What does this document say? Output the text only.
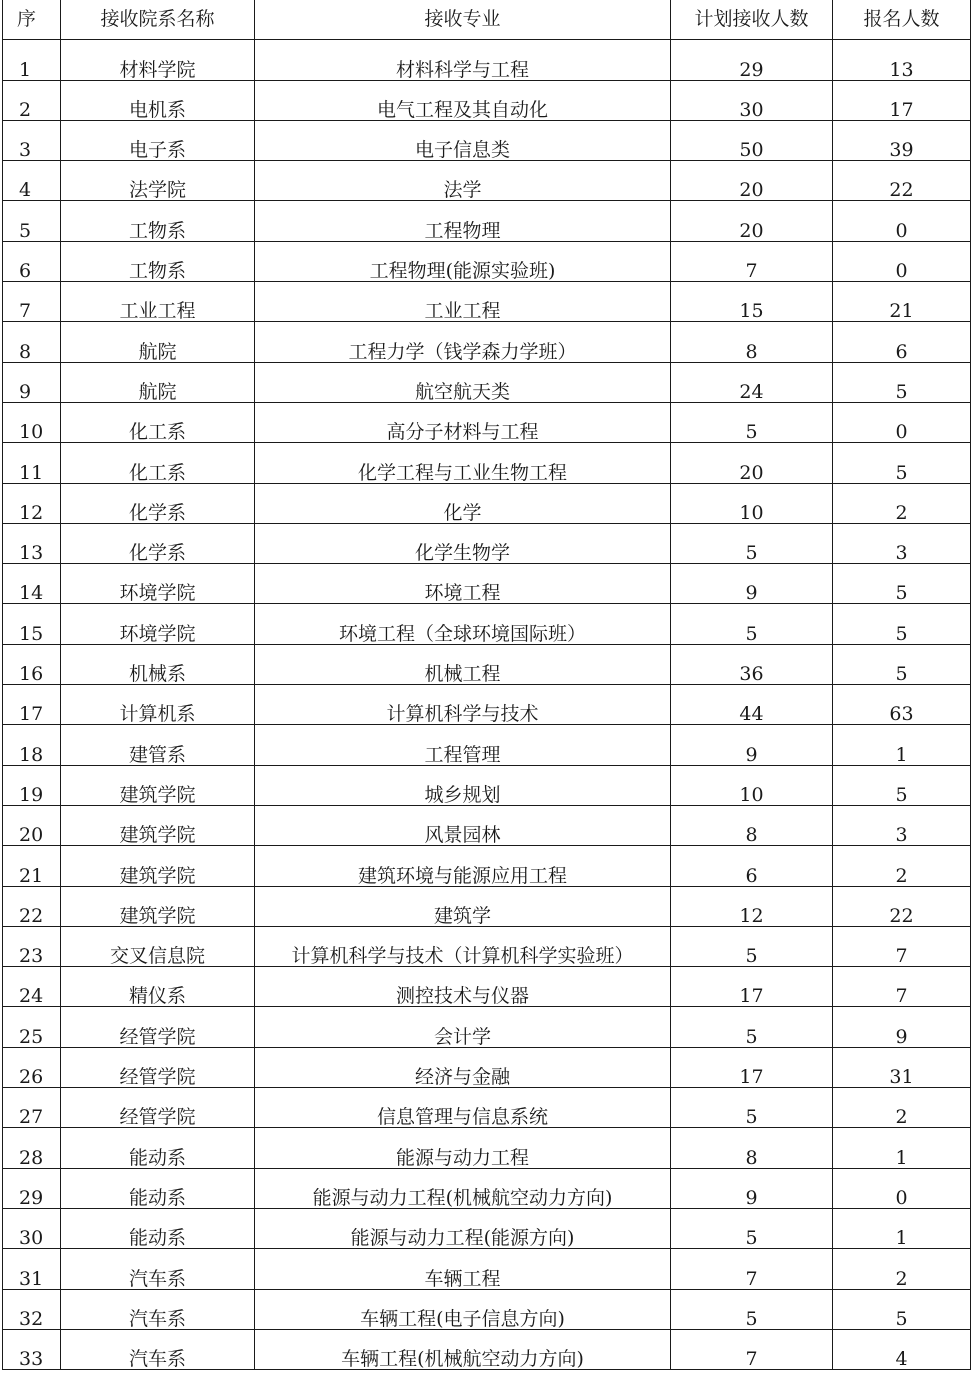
序	接收院系名称	接收专业	计划接收人数	报名人数
1	材料学院	材料科学与工程	29	13
2	电机系	电气工程及其自动化	30	17
3	电子系	电子信息类	50	39
4	法学院	法学	20	22
5	工物系	工程物理	20	0
6	工物系	工程物理(能源实验班)	7	0
7	工业工程	工业工程	15	21
8	航院	工程力学（钱学森力学班）	8	6
9	航院	航空航天类	24	5
10	化工系	高分子材料与工程	5	0
11	化工系	化学工程与工业生物工程	20	5
12	化学系	化学	10	2
13	化学系	化学生物学	5	3
14	环境学院	环境工程	9	5
15	环境学院	环境工程（全球环境国际班）	5	5
16	机械系	机械工程	36	5
17	计算机系	计算机科学与技术	44	63
18	建管系	工程管理	9	1
19	建筑学院	城乡规划	10	5
20	建筑学院	风景园林	8	3
21	建筑学院	建筑环境与能源应用工程	6	2
22	建筑学院	建筑学	12	22
23	交叉信息院	计算机科学与技术（计算机科学实验班）	5	7
24	精仪系	测控技术与仪器	17	7
25	经管学院	会计学	5	9
26	经管学院	经济与金融	17	31
27	经管学院	信息管理与信息系统	5	2
28	能动系	能源与动力工程	8	1
29	能动系	能源与动力工程(机械航空动力方向)	9	0
30	能动系	能源与动力工程(能源方向)	5	1
31	汽车系	车辆工程	7	2
32	汽车系	车辆工程(电子信息方向)	5	5
33	汽车系	车辆工程(机械航空动力方向)	7	4
